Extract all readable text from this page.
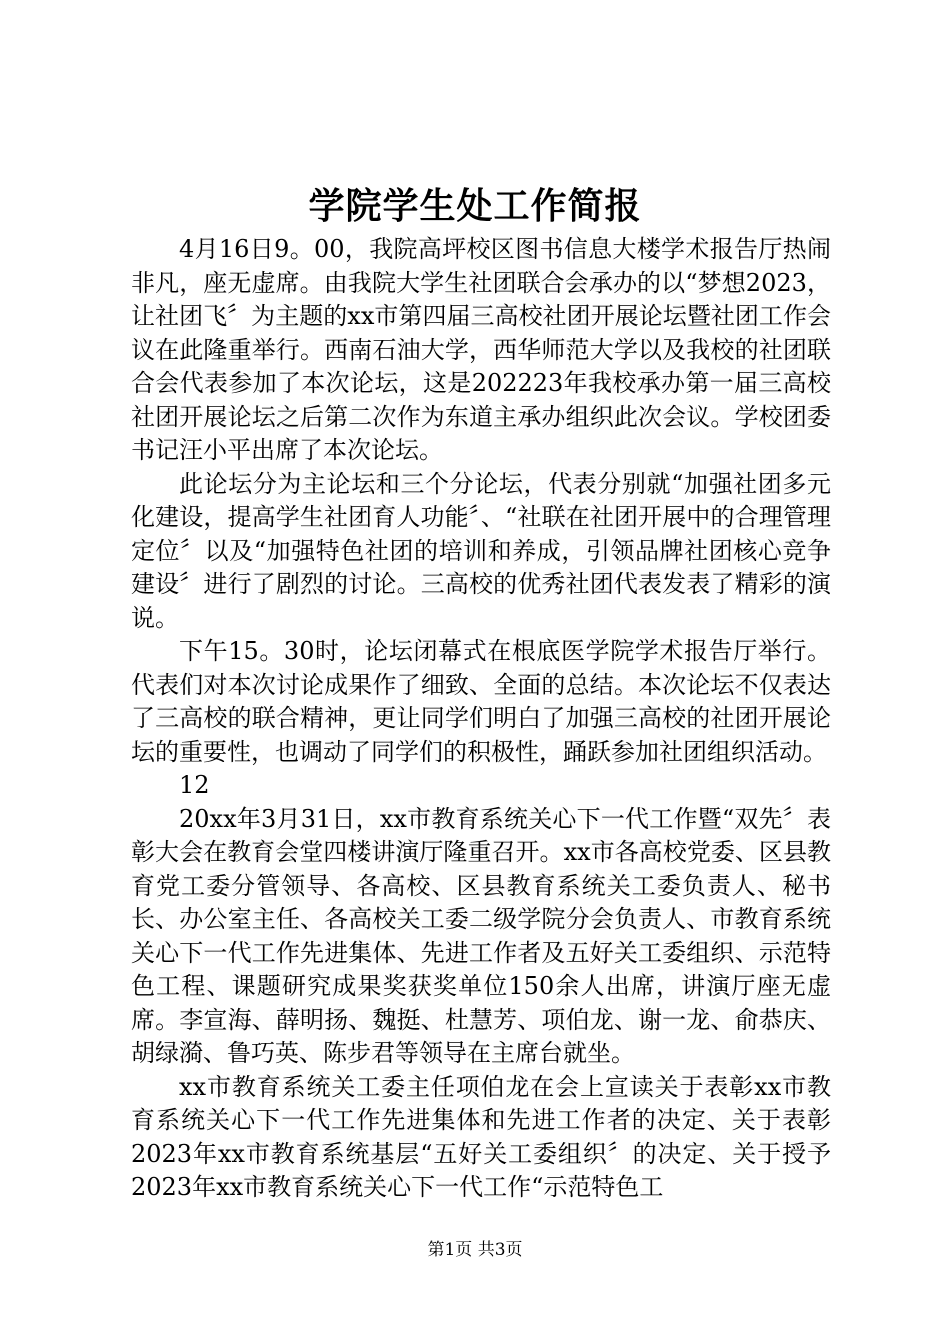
学院学生处工作简报

4月16日9。00，我院高坪校区图书信息大楼学术报告厅热闹非凡，座无虚席。由我院大学生社团联合会承办的以“梦想2023，让社团飞〞为主题的xx市第四届三高校社团开展论坛暨社团工作会议在此隆重举行。西南石油大学，西华师范大学以及我校的社团联合会代表参加了本次论坛，这是202223年我校承办第一届三高校社团开展论坛之后第二次作为东道主承办组织此次会议。学校团委书记汪小平出席了本次论坛。

此论坛分为主论坛和三个分论坛，代表分别就“加强社团多元化建设，提高学生社团育人功能〞、“社联在社团开展中的合理管理定位〞以及“加强特色社团的培训和养成，引领品牌社团核心竞争建设〞进行了剧烈的讨论。三高校的优秀社团代表发表了精彩的演说。

下午15。30时，论坛闭幕式在根底医学院学术报告厅举行。代表们对本次讨论成果作了细致、全面的总结。本次论坛不仅表达了三高校的联合精神，更让同学们明白了加强三高校的社团开展论坛的重要性，也调动了同学们的积极性，踊跃参加社团组织活动。

12

20xx年3月31日，xx市教育系统关心下一代工作暨“双先〞表彰大会在教育会堂四楼讲演厅隆重召开。xx市各高校党委、区县教育党工委分管领导、各高校、区县教育系统关工委负责人、秘书长、办公室主任、各高校关工委二级学院分会负责人、市教育系统关心下一代工作先进集体、先进工作者及五好关工委组织、示范特色工程、课题研究成果奖获奖单位150余人出席，讲演厅座无虚席。李宣海、薛明扬、魏挺、杜慧芳、项伯龙、谢一龙、俞恭庆、胡绿漪、鲁巧英、陈步君等领导在主席台就坐。

xx市教育系统关工委主任项伯龙在会上宣读关于表彰xx市教育系统关心下一代工作先进集体和先进工作者的决定、关于表彰2023年xx市教育系统基层“五好关工委组织〞的决定、关于授予2023年xx市教育系统关心下一代工作“示范特色工

第1页 共3页
